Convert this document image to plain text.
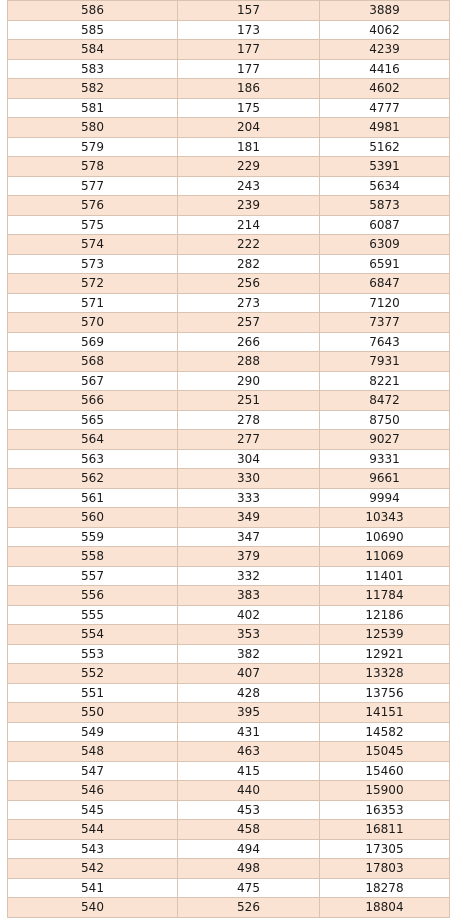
586	157	3889
585	173	4062
584	177	4239
583	177	4416
582	186	4602
581	175	4777
580	204	4981
579	181	5162
578	229	5391
577	243	5634
576	239	5873
575	214	6087
574	222	6309
573	282	6591
572	256	6847
571	273	7120
570	257	7377
569	266	7643
568	288	7931
567	290	8221
566	251	8472
565	278	8750
564	277	9027
563	304	9331
562	330	9661
561	333	9994
560	349	10343
559	347	10690
558	379	11069
557	332	11401
556	383	11784
555	402	12186
554	353	12539
553	382	12921
552	407	13328
551	428	13756
550	395	14151
549	431	14582
548	463	15045
547	415	15460
546	440	15900
545	453	16353
544	458	16811
543	494	17305
542	498	17803
541	475	18278
540	526	18804
